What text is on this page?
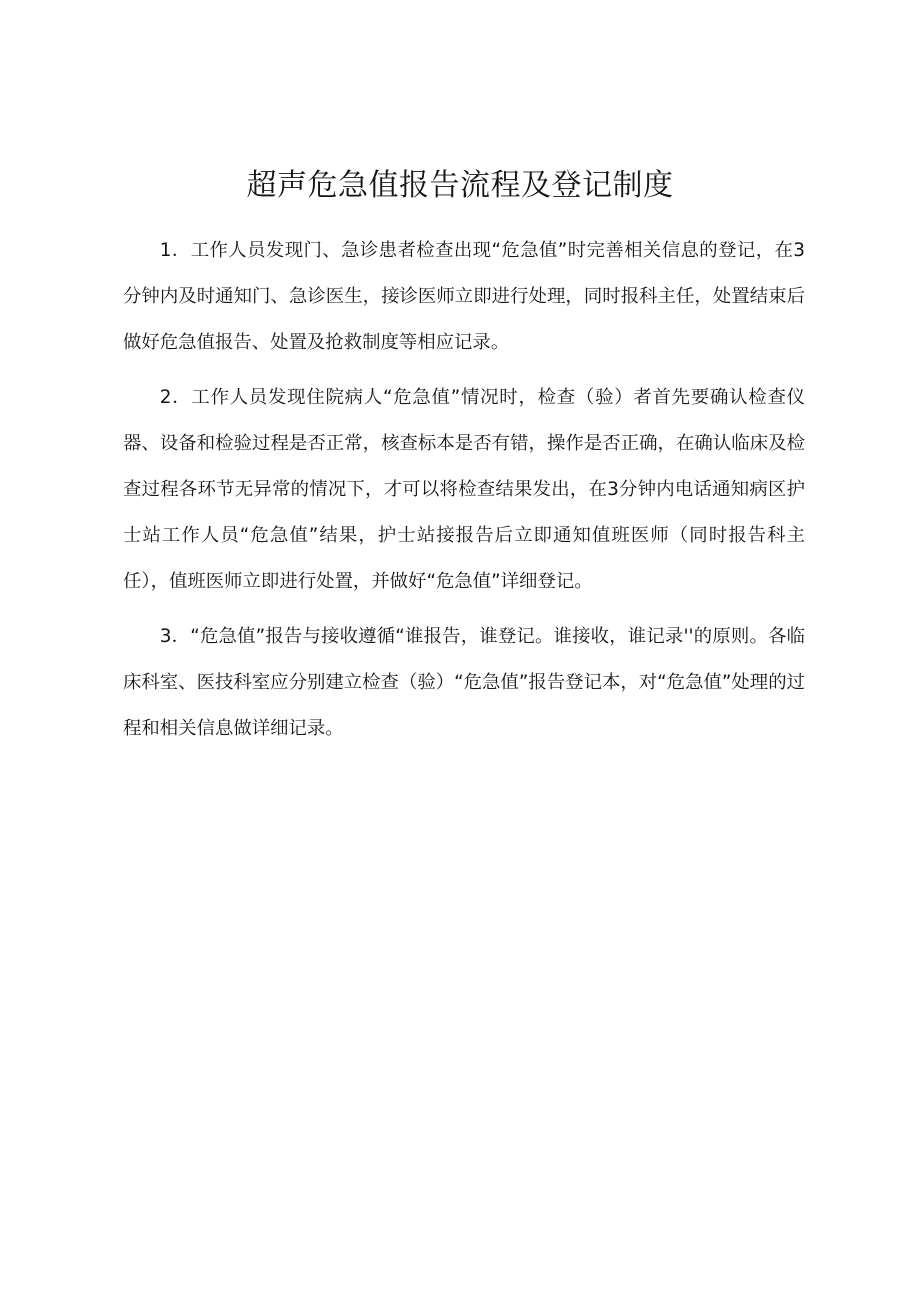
超声危急值报告流程及登记制度

1．工作人员发现门、急诊患者检查出现“危急值”时完善相关信息的登记，在3分钟内及时通知门、急诊医生，接诊医师立即进行处理，同时报科主任，处置结束后做好危急值报告、处置及抢救制度等相应记录。

2．工作人员发现住院病人“危急值”情况时，检查（验）者首先要确认检查仪器、设备和检验过程是否正常，核查标本是否有错，操作是否正确，在确认临床及检查过程各环节无异常的情况下，才可以将检查结果发出，在3分钟内电话通知病区护士站工作人员“危急值”结果，护士站接报告后立即通知值班医师（同时报告科主任），值班医师立即进行处置，并做好“危急值”详细登记。

3．“危急值”报告与接收遵循“谁报告，谁登记。谁接收，谁记录''的原则。各临床科室、医技科室应分别建立检查（验）“危急值”报告登记本，对“危急值”处理的过程和相关信息做详细记录。
